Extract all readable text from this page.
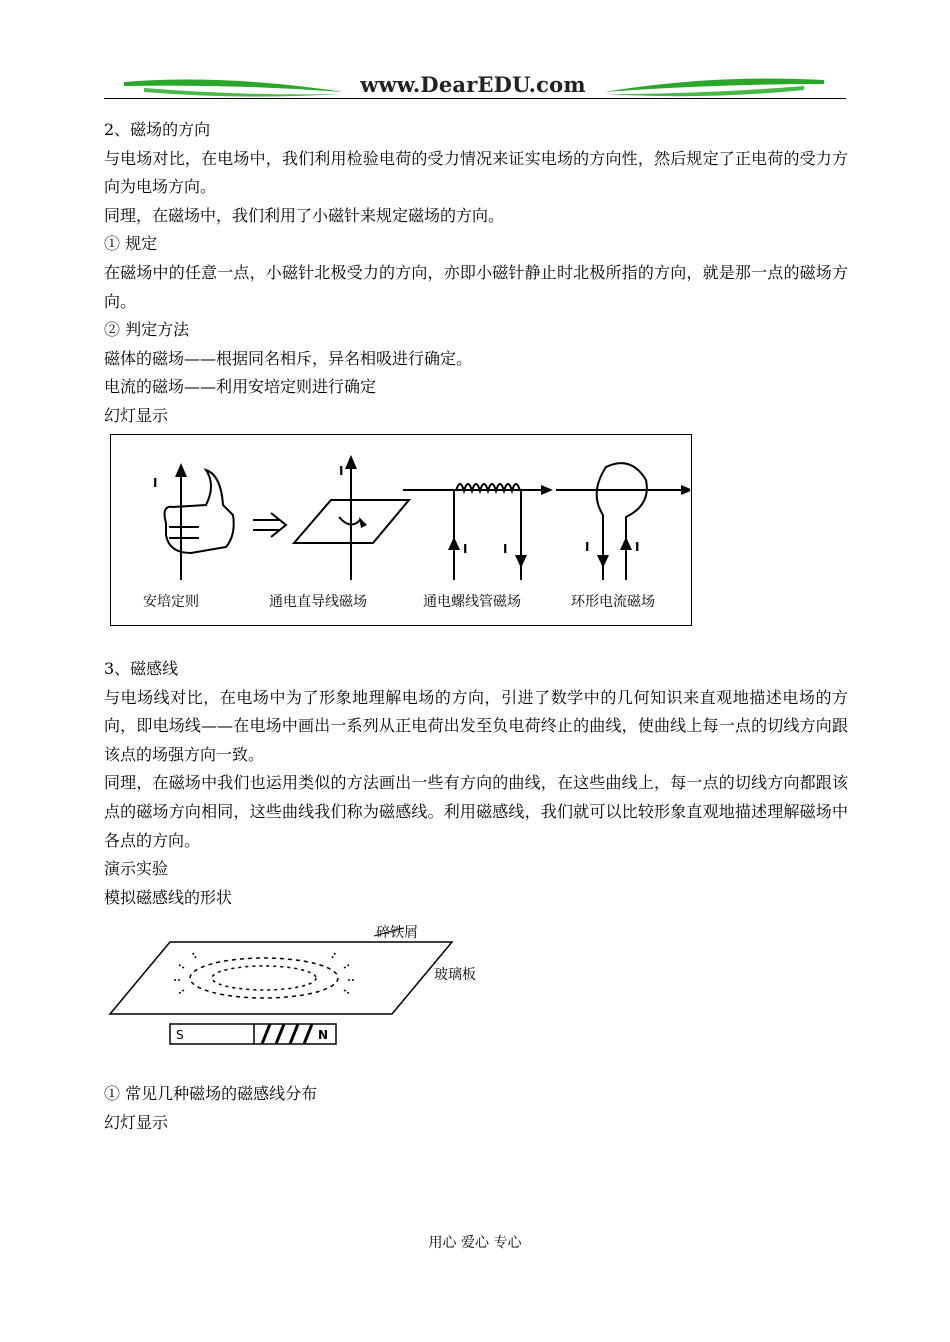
www.DearEDU.com

2、磁场的方向

与电场对比，在电场中，我们利用检验电荷的受力情况来证实电场的方向性，然后规定了正电荷的受力方向为电场方向。

同理，在磁场中，我们利用了小磁针来规定磁场的方向。

① 规定

在磁场中的任意一点，小磁针北极受力的方向，亦即小磁针静止时北极所指的方向，就是那一点的磁场方向。

② 判定方法

磁体的磁场——根据同名相斥，异名相吸进行确定。

电流的磁场——利用安培定则进行确定

幻灯显示

I
I
I	I	I	I
安培定则	通电直导线磁场	通电螺线管磁场	环形电流磁场

3、磁感线

与电场线对比，在电场中为了形象地理解电场的方向，引进了数学中的几何知识来直观地描述电场的方向，即电场线——在电场中画出一系列从正电荷出发至负电荷终止的曲线，使曲线上每一点的切线方向跟该点的场强方向一致。

同理，在磁场中我们也运用类似的方法画出一些有方向的曲线，在这些曲线上，每一点的切线方向都跟该点的磁场方向相同，这些曲线我们称为磁感线。利用磁感线，我们就可以比较形象直观地描述理解磁场中各点的方向。

演示实验

模拟磁感线的形状

S	N
碎铁屑
玻璃板

① 常见几种磁场的磁感线分布

幻灯显示

用心 爱心 专心
